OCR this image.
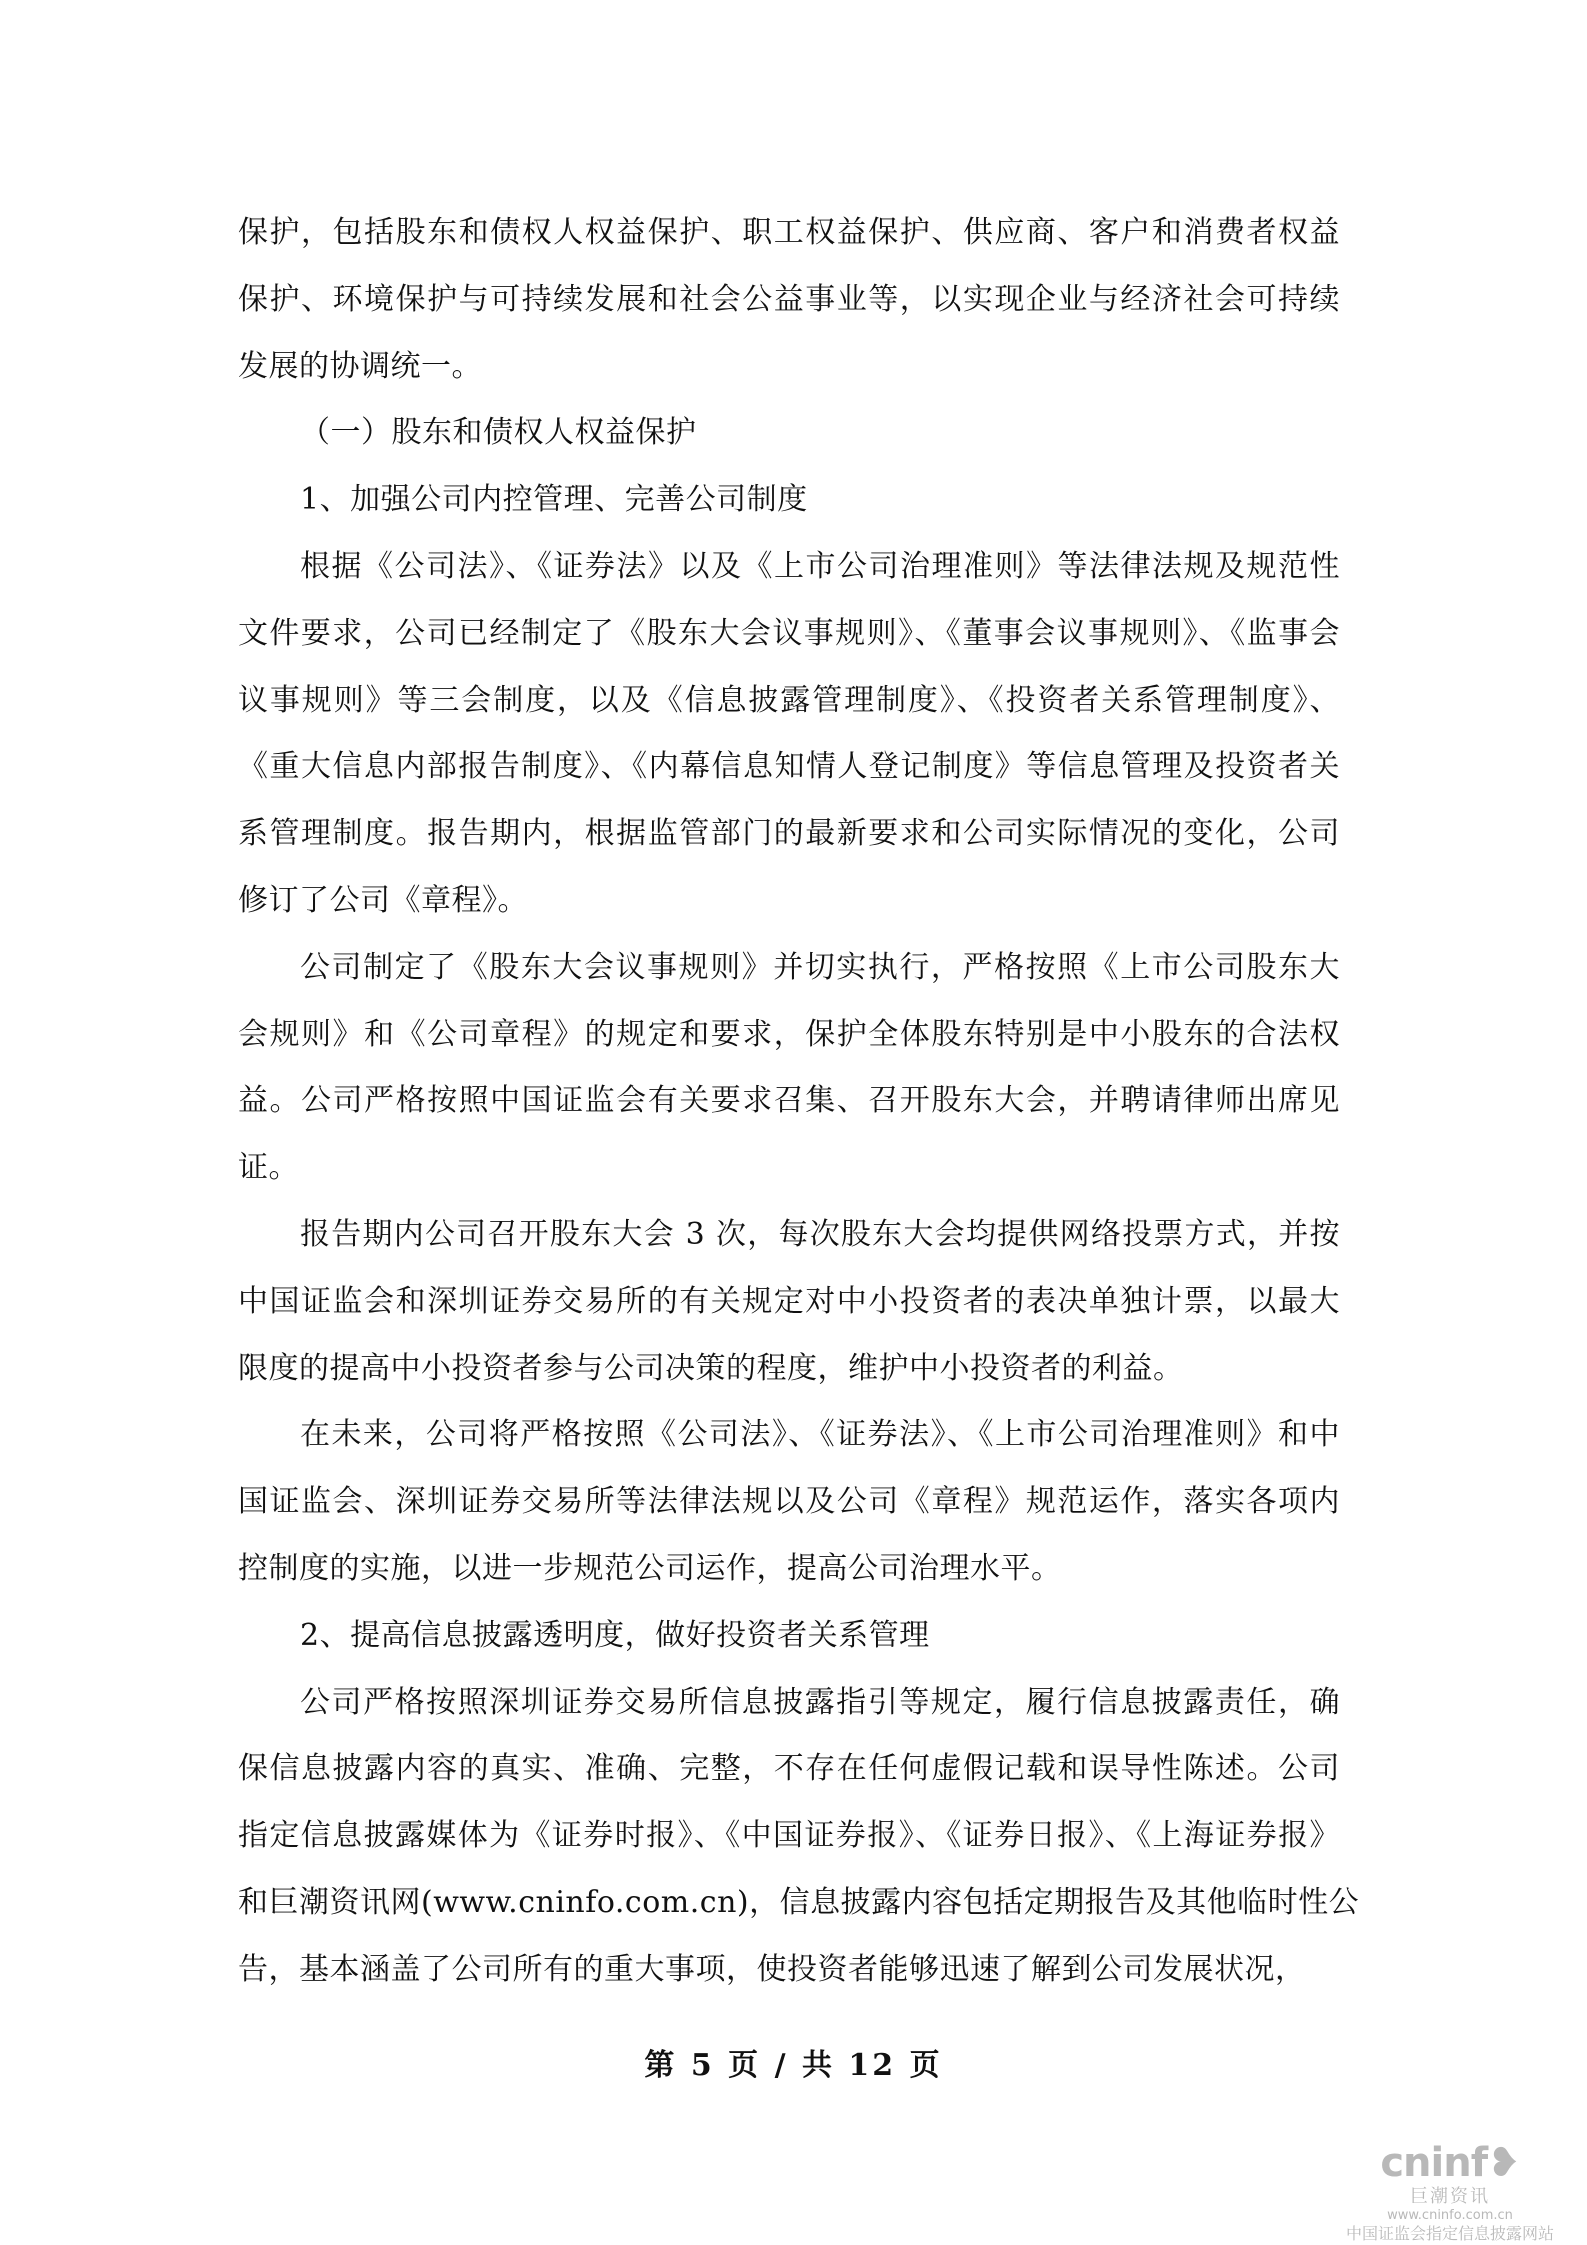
保护，包括股东和债权人权益保护、职工权益保护、供应商、客户和消费者权益
保护、环境保护与可持续发展和社会公益事业等，以实现企业与经济社会可持续
发展的协调统一。

（一）股东和债权人权益保护

1、加强公司内控管理、完善公司制度

根据《公司法》、《证券法》以及《上市公司治理准则》等法律法规及规范性
文件要求，公司已经制定了《股东大会议事规则》、《董事会议事规则》、《监事会
议事规则》等三会制度，以及《信息披露管理制度》、《投资者关系管理制度》、
《重大信息内部报告制度》、《内幕信息知情人登记制度》等信息管理及投资者关
系管理制度。报告期内，根据监管部门的最新要求和公司实际情况的变化，公司
修订了公司《章程》。

公司制定了《股东大会议事规则》并切实执行，严格按照《上市公司股东大
会规则》和《公司章程》的规定和要求，保护全体股东特别是中小股东的合法权
益。公司严格按照中国证监会有关要求召集、召开股东大会，并聘请律师出席见
证。

报告期内公司召开股东大会 3 次，每次股东大会均提供网络投票方式，并按
中国证监会和深圳证券交易所的有关规定对中小投资者的表决单独计票，以最大
限度的提高中小投资者参与公司决策的程度，维护中小投资者的利益。

在未来，公司将严格按照《公司法》、《证券法》、《上市公司治理准则》和中
国证监会、深圳证券交易所等法律法规以及公司《章程》规范运作，落实各项内
控制度的实施，以进一步规范公司运作，提高公司治理水平。

2、提高信息披露透明度，做好投资者关系管理

公司严格按照深圳证券交易所信息披露指引等规定，履行信息披露责任，确
保信息披露内容的真实、准确、完整，不存在任何虚假记载和误导性陈述。公司
指定信息披露媒体为《证券时报》、《中国证券报》、《证券日报》、《上海证券报》
和巨潮资讯网(www.cninfo.com.cn)，信息披露内容包括定期报告及其他临时性公
告，基本涵盖了公司所有的重大事项，使投资者能够迅速了解到公司发展状况，

第 5 页 / 共 12 页
cninf❥
巨潮资讯
www.cninfo.com.cn
中国证监会指定信息披露网站
